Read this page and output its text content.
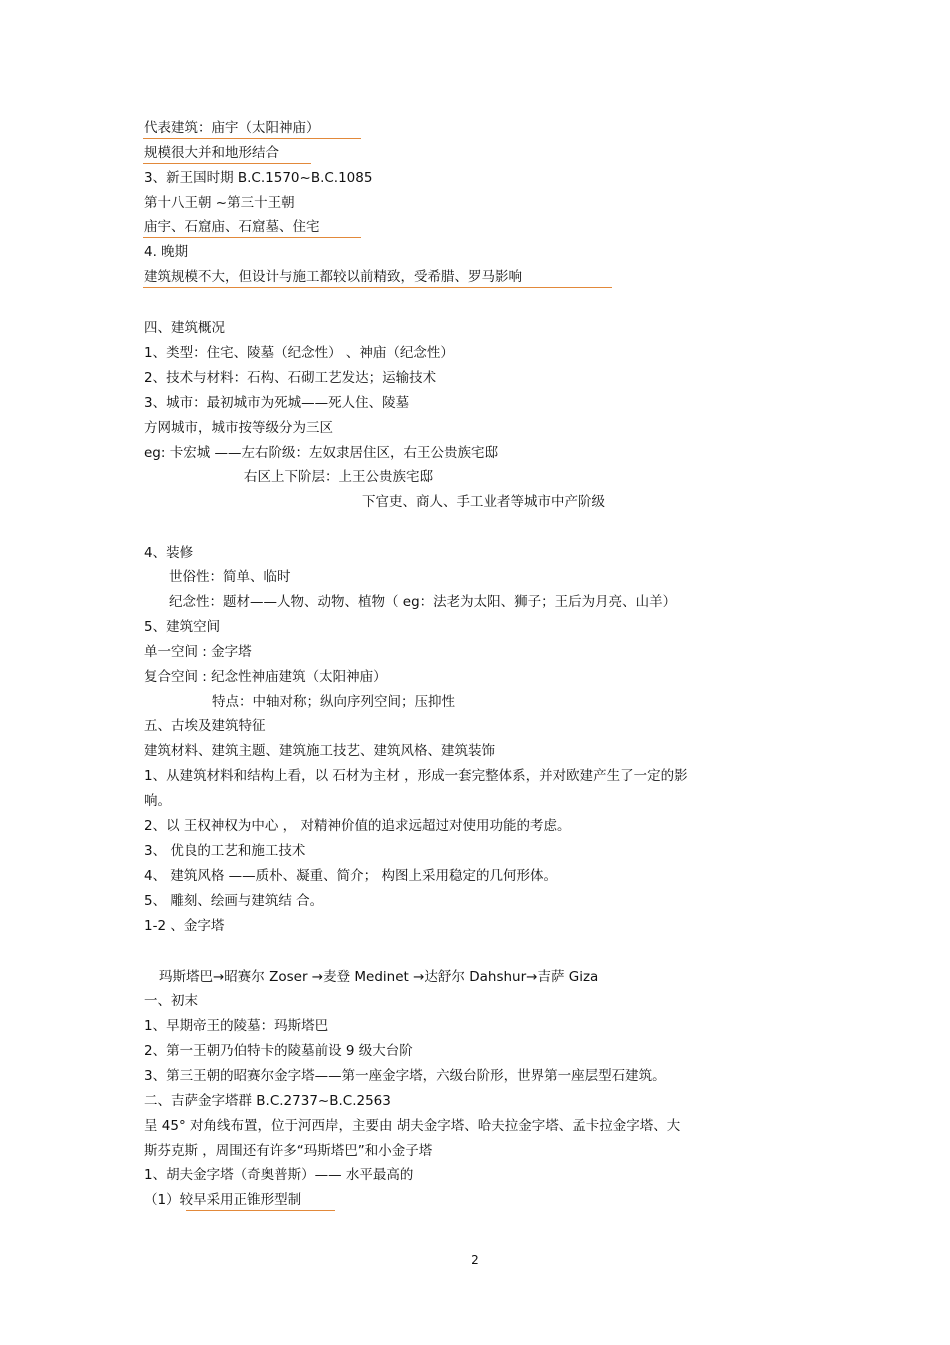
代表建筑：庙宇（太阳神庙）
规模很大并和地形结合
3、新王国时期 B.C.1570~B.C.1085
第十八王朝 ~第三十王朝
庙宇、石窟庙、石窟墓、住宅
4. 晚期
建筑规模不大，但设计与施工都较以前精致，受希腊、罗马影响
四、建筑概况
1、类型：住宅、陵墓（纪念性） 、神庙（纪念性）
2、技术与材料：石构、石砌工艺发达；运输技术
3、城市：最初城市为死城——死人住、陵墓
方网城市，城市按等级分为三区
eg: 卡宏城 ——左右阶级：左奴隶居住区，右王公贵族宅邸
右区上下阶层：上王公贵族宅邸
下官吏、商人、手工业者等城市中产阶级
4、装修
世俗性：简单、临时
纪念性：题材——人物、动物、植物（ eg：法老为太阳、狮子；王后为月亮、山羊）
5、建筑空间
单一空间 : 金字塔
复合空间 : 纪念性神庙建筑（太阳神庙）
特点：中轴对称；纵向序列空间；压抑性
五、古埃及建筑特征
建筑材料、建筑主题、建筑施工技艺、建筑风格、建筑装饰
1、从建筑材料和结构上看，以 石材为主材 ，形成一套完整体系，并对欧建产生了一定的影
响。
2、以 王权神权为中心 ， 对精神价值的追求远超过对使用功能的考虑。
3、 优良的工艺和施工技术
4、 建筑风格 ——质朴、凝重、简介； 构图上采用稳定的几何形体。
5、 雕刻、绘画与建筑结 合。
1-2 、金字塔
玛斯塔巴→昭赛尔 Zoser →麦登 Medinet →达舒尔 Dahshur→吉萨 Giza
一、初末
1、早期帝王的陵墓：玛斯塔巴
2、第一王朝乃伯特卡的陵墓前设 9 级大台阶
3、第三王朝的昭赛尔金字塔——第一座金字塔，六级台阶形，世界第一座层型石建筑。
二、吉萨金字塔群 B.C.2737~B.C.2563
呈 45° 对角线布置，位于河西岸，主要由 胡夫金字塔、哈夫拉金字塔、孟卡拉金字塔、大
斯芬克斯 ，周围还有许多“玛斯塔巴”和小金子塔
1、胡夫金字塔（奇奥普斯）—— 水平最高的
（1）较早采用正锥形型制
2
